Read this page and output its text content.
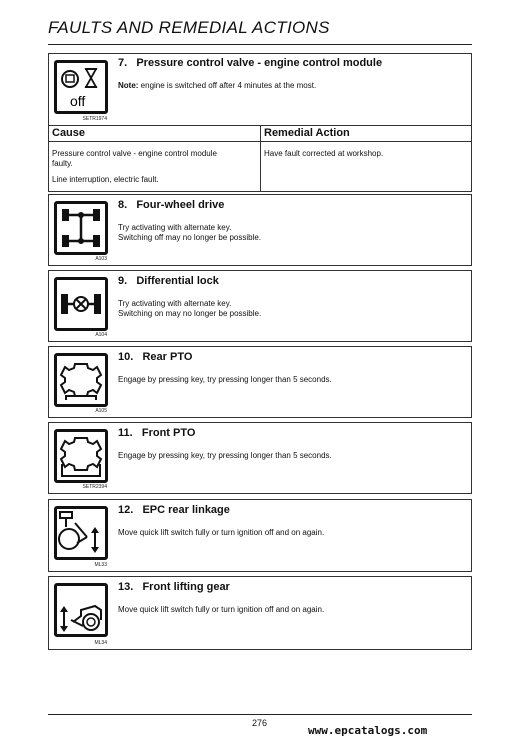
FAULTS AND REMEDIAL ACTIONS
off
SETR1974
7.   Pressure control valve - engine control module
Note: engine is switched off after 4 minutes at the most.
Cause
Pressure control valve - engine control module
faulty.
Line interruption, electric fault.
Remedial Action
Have fault corrected at workshop.
A103
8.   Four-wheel drive
Try activating with alternate key.
Switching off may no longer be possible.
A104
9.   Differential lock
Try activating with alternate key.
Switching on may no longer be possible.
A105
10.   Rear PTO
Engage by pressing key, try pressing longer than 5 seconds.
SETR2394
11.   Front PTO
Engage by pressing key, try pressing longer than 5 seconds.
ML33
12.   EPC rear linkage
Move quick lift switch fully or turn ignition off and on again.
ML34
13.   Front lifting gear
Move quick lift switch fully or turn ignition off and on again.
276
www.epcatalogs.com
